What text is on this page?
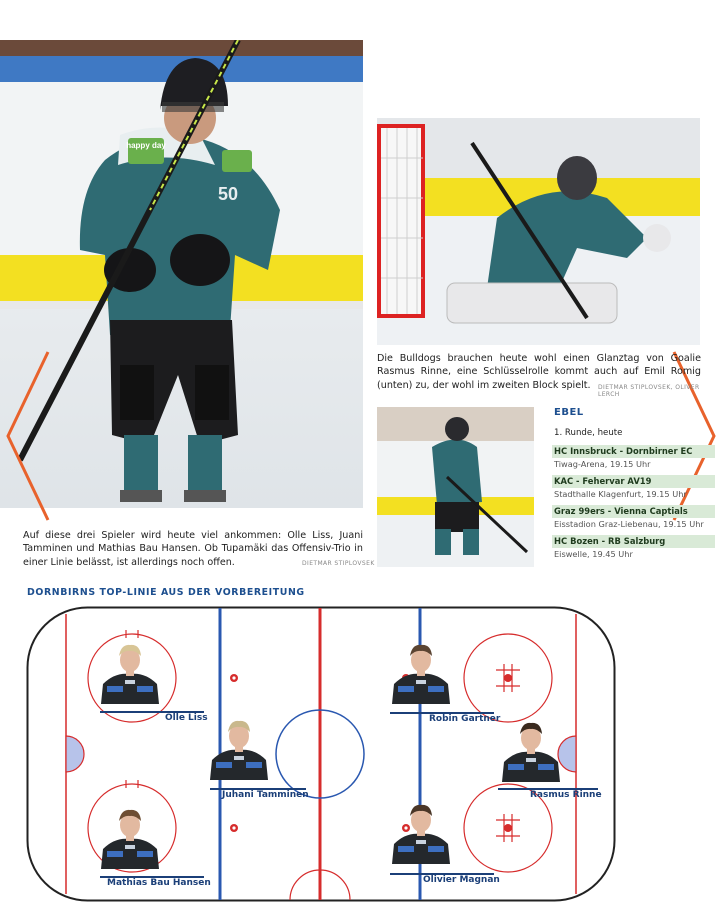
happy day
50
Auf diese drei Spieler wird heute viel ankommen: Olle Liss, Juani Tamminen und Mathias Bau Hansen. Ob Tupamäki das Offensiv-Trio in einer Linie belässt, ist allerdings noch offen.	DIETMAR STIPLOVSEK
Die Bulldogs brauchen heute wohl einen Glanztag von Goalie Rasmus Rinne, eine Schlüsselrolle kommt auch auf Emil Romig (unten) zu, der wohl im zweiten Block spielt.	DIETMAR STIPLOVSEK, OLIVER LERCH
EBEL
1. Runde, heute
HC Innsbruck - Dornbirner EC
Tiwag-Arena, 19.15 Uhr
KAC - Fehervar AV19
Stadthalle Klagenfurt, 19.15 Uhr
Graz 99ers - Vienna Captials
Eisstadion Graz-Liebenau, 19.15 Uhr
HC Bozen - RB Salzburg
Eiswelle, 19.45 Uhr
DORNBIRNS TOP-LINIE AUS DER VORBEREITUNG
Olle Liss
Juhani Tamminen
Mathias Bau Hansen
Robin Gartner
Rasmus Rinne
Olivier Magnan
